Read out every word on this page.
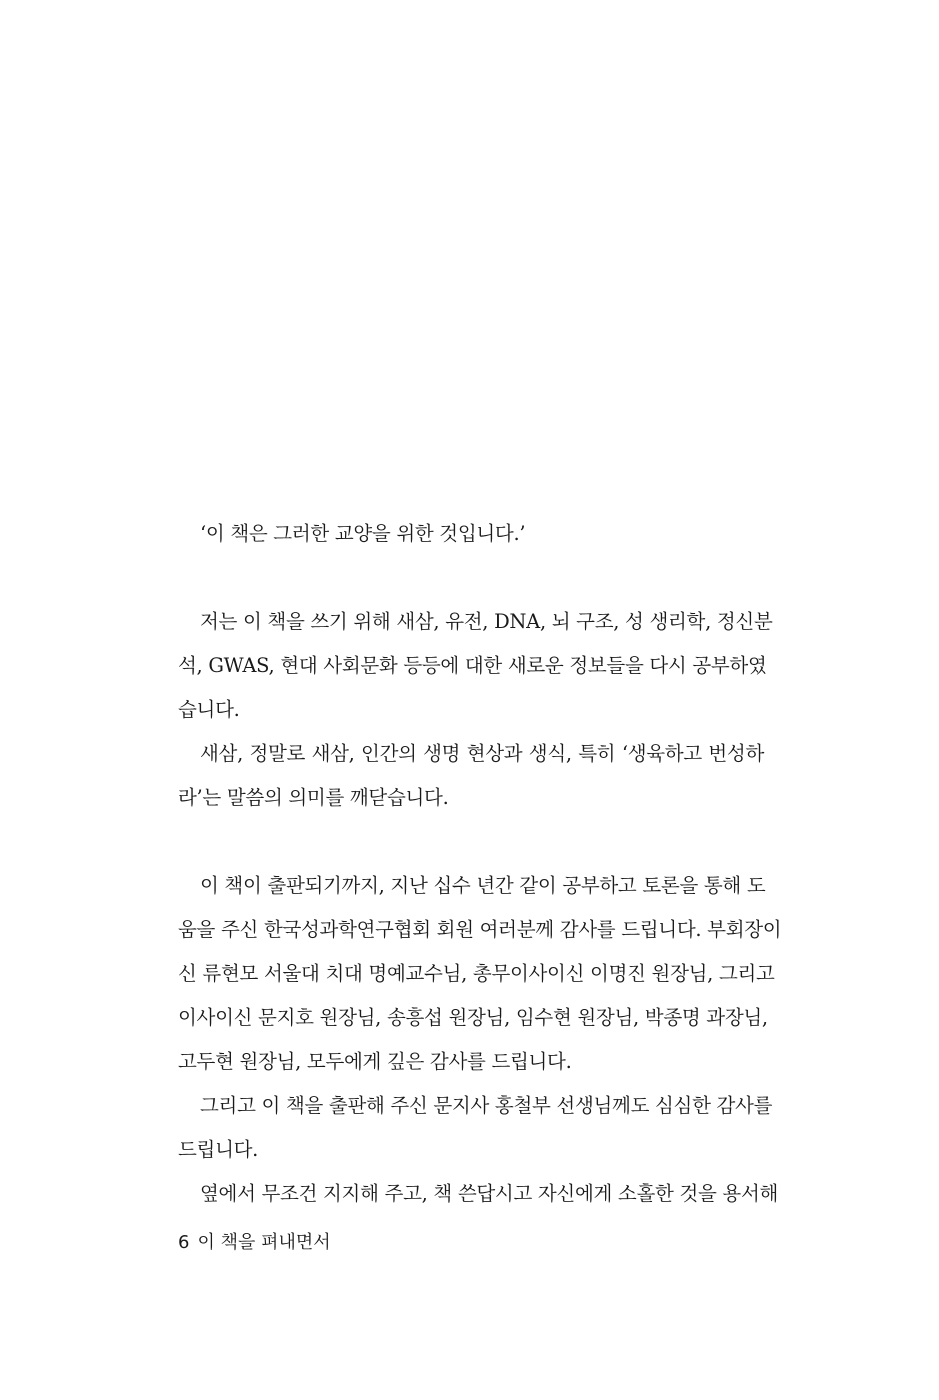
‘이 책은 그러한 교양을 위한 것입니다.’
저는 이 책을 쓰기 위해 새삼, 유전, DNA, 뇌 구조, 성 생리학, 정신분
석, GWAS, 현대 사회문화 등등에 대한 새로운 정보들을 다시 공부하였
습니다.
새삼, 정말로 새삼, 인간의 생명 현상과 생식, 특히 ‘생육하고 번성하
라’는 말씀의 의미를 깨닫습니다.
이 책이 출판되기까지, 지난 십수 년간 같이 공부하고 토론을 통해 도
움을 주신 한국성과학연구협회 회원 여러분께 감사를 드립니다. 부회장이
신 류현모 서울대 치대 명예교수님, 총무이사이신 이명진 원장님, 그리고
이사이신 문지호 원장님, 송흥섭 원장님, 임수현 원장님, 박종명 과장님,
고두현 원장님, 모두에게 깊은 감사를 드립니다.
그리고 이 책을 출판해 주신 문지사 홍철부 선생님께도 심심한 감사를
드립니다.
옆에서 무조건 지지해 주고, 책 쓴답시고 자신에게 소홀한 것을 용서해
6 이 책을 펴내면서
